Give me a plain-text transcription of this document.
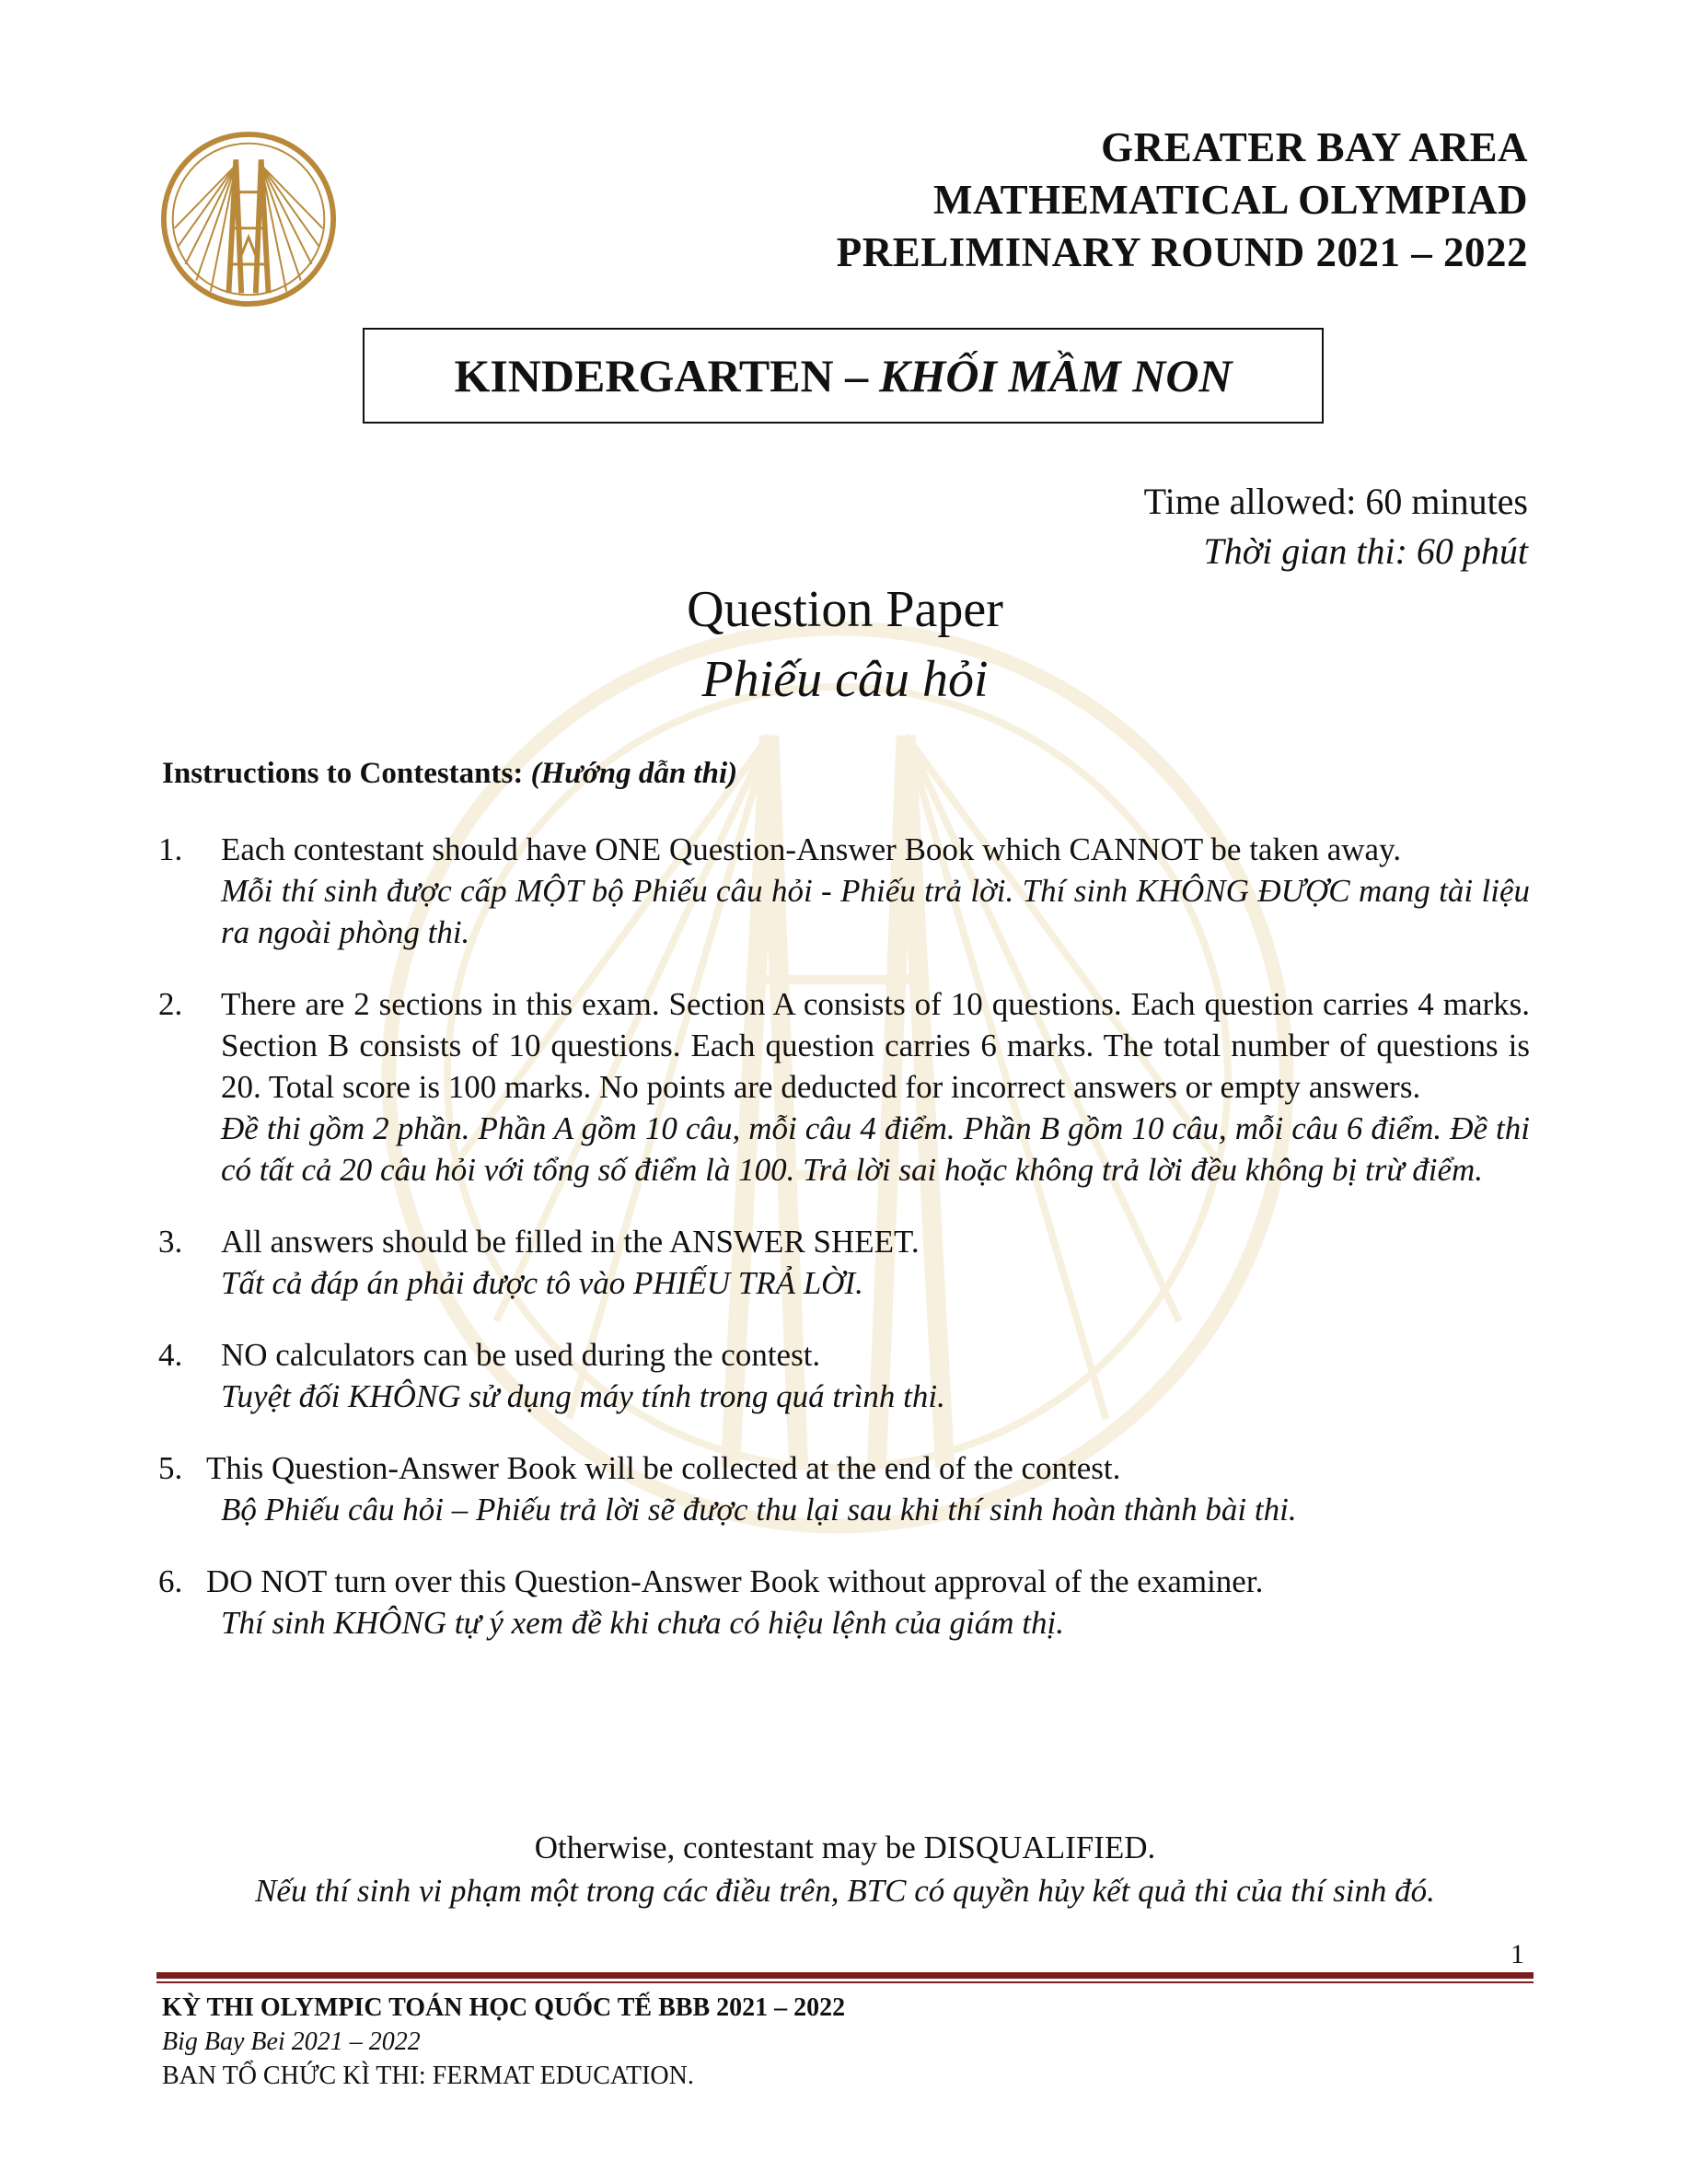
GREATER BAY AREA
MATHEMATICAL OLYMPIAD
PRELIMINARY ROUND 2021 – 2022
KINDERGARTEN – KHỐI MẦM NON
Time allowed: 60 minutes
Thời gian thi: 60 phút
Question Paper
Phiếu câu hỏi
Instructions to Contestants: (Hướng dẫn thi)
1. Each contestant should have ONE Question-Answer Book which CANNOT be taken away.
Mỗi thí sinh được cấp MỘT bộ Phiếu câu hỏi - Phiếu trả lời. Thí sinh KHÔNG ĐƯỢC mang tài liệu ra ngoài phòng thi.
2. There are 2 sections in this exam. Section A consists of 10 questions. Each question carries 4 marks. Section B consists of 10 questions. Each question carries 6 marks. The total number of questions is 20. Total score is 100 marks. No points are deducted for incorrect answers or empty answers.
Đề thi gồm 2 phần. Phần A gồm 10 câu, mỗi câu 4 điểm. Phần B gồm 10 câu, mỗi câu 6 điểm. Đề thi có tất cả 20 câu hỏi với tổng số điểm là 100. Trả lời sai hoặc không trả lời đều không bị trừ điểm.
3. All answers should be filled in the ANSWER SHEET.
Tất cả đáp án phải được tô vào PHIẾU TRẢ LỜI.
4. NO calculators can be used during the contest.
Tuyệt đối KHÔNG sử dụng máy tính trong quá trình thi.
5. This Question-Answer Book will be collected at the end of the contest.
Bộ Phiếu câu hỏi – Phiếu trả lời sẽ được thu lại sau khi thí sinh hoàn thành bài thi.
6. DO NOT turn over this Question-Answer Book without approval of the examiner.
Thí sinh KHÔNG tự ý xem đề khi chưa có hiệu lệnh của giám thị.
Otherwise, contestant may be DISQUALIFIED.
Nếu thí sinh vi phạm một trong các điều trên, BTC có quyền hủy kết quả thi của thí sinh đó.
1
KỲ THI OLYMPIC TOÁN HỌC QUỐC TẾ BBB 2021 – 2022
Big Bay Bei 2021 – 2022
BAN TỔ CHỨC KÌ THI: FERMAT EDUCATION.
